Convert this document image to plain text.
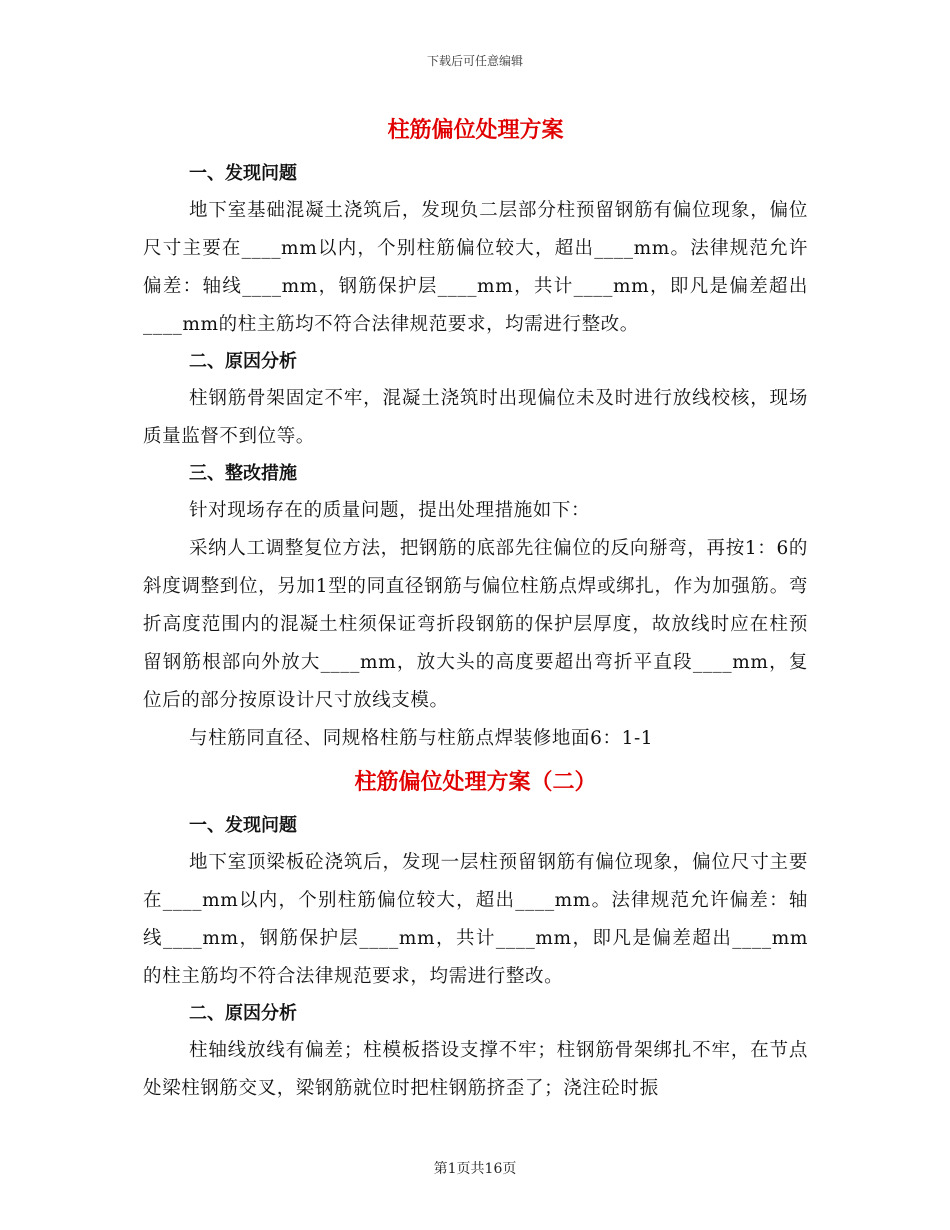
下载后可任意编辑
柱筋偏位处理方案
一、发现问题

地下室基础混凝土浇筑后，发现负二层部分柱预留钢筋有偏位现象，偏位尺寸主要在____mm以内，个别柱筋偏位较大，超出____mm。法律规范允许偏差：轴线____mm，钢筋保护层____mm，共计____mm，即凡是偏差超出____mm的柱主筋均不符合法律规范要求，均需进行整改。

二、原因分析

柱钢筋骨架固定不牢，混凝土浇筑时出现偏位未及时进行放线校核，现场质量监督不到位等。

三、整改措施

针对现场存在的质量问题，提出处理措施如下：

采纳人工调整复位方法，把钢筋的底部先往偏位的反向掰弯，再按1：6的斜度调整到位，另加1型的同直径钢筋与偏位柱筋点焊或绑扎，作为加强筋。弯折高度范围内的混凝土柱须保证弯折段钢筋的保护层厚度，故放线时应在柱预留钢筋根部向外放大____mm，放大头的高度要超出弯折平直段____mm，复位后的部分按原设计尺寸放线支模。

与柱筋同直径、同规格柱筋与柱筋点焊装修地面6：1-1

柱筋偏位处理方案（二）
一、发现问题

地下室顶梁板砼浇筑后，发现一层柱预留钢筋有偏位现象，偏位尺寸主要在____mm以内，个别柱筋偏位较大，超出____mm。法律规范允许偏差：轴线____mm，钢筋保护层____mm，共计____mm，即凡是偏差超出____mm的柱主筋均不符合法律规范要求，均需进行整改。

二、原因分析

柱轴线放线有偏差；柱模板搭设支撑不牢；柱钢筋骨架绑扎不牢，在节点处梁柱钢筋交叉，梁钢筋就位时把柱钢筋挤歪了；浇注砼时振

第1页共16页
